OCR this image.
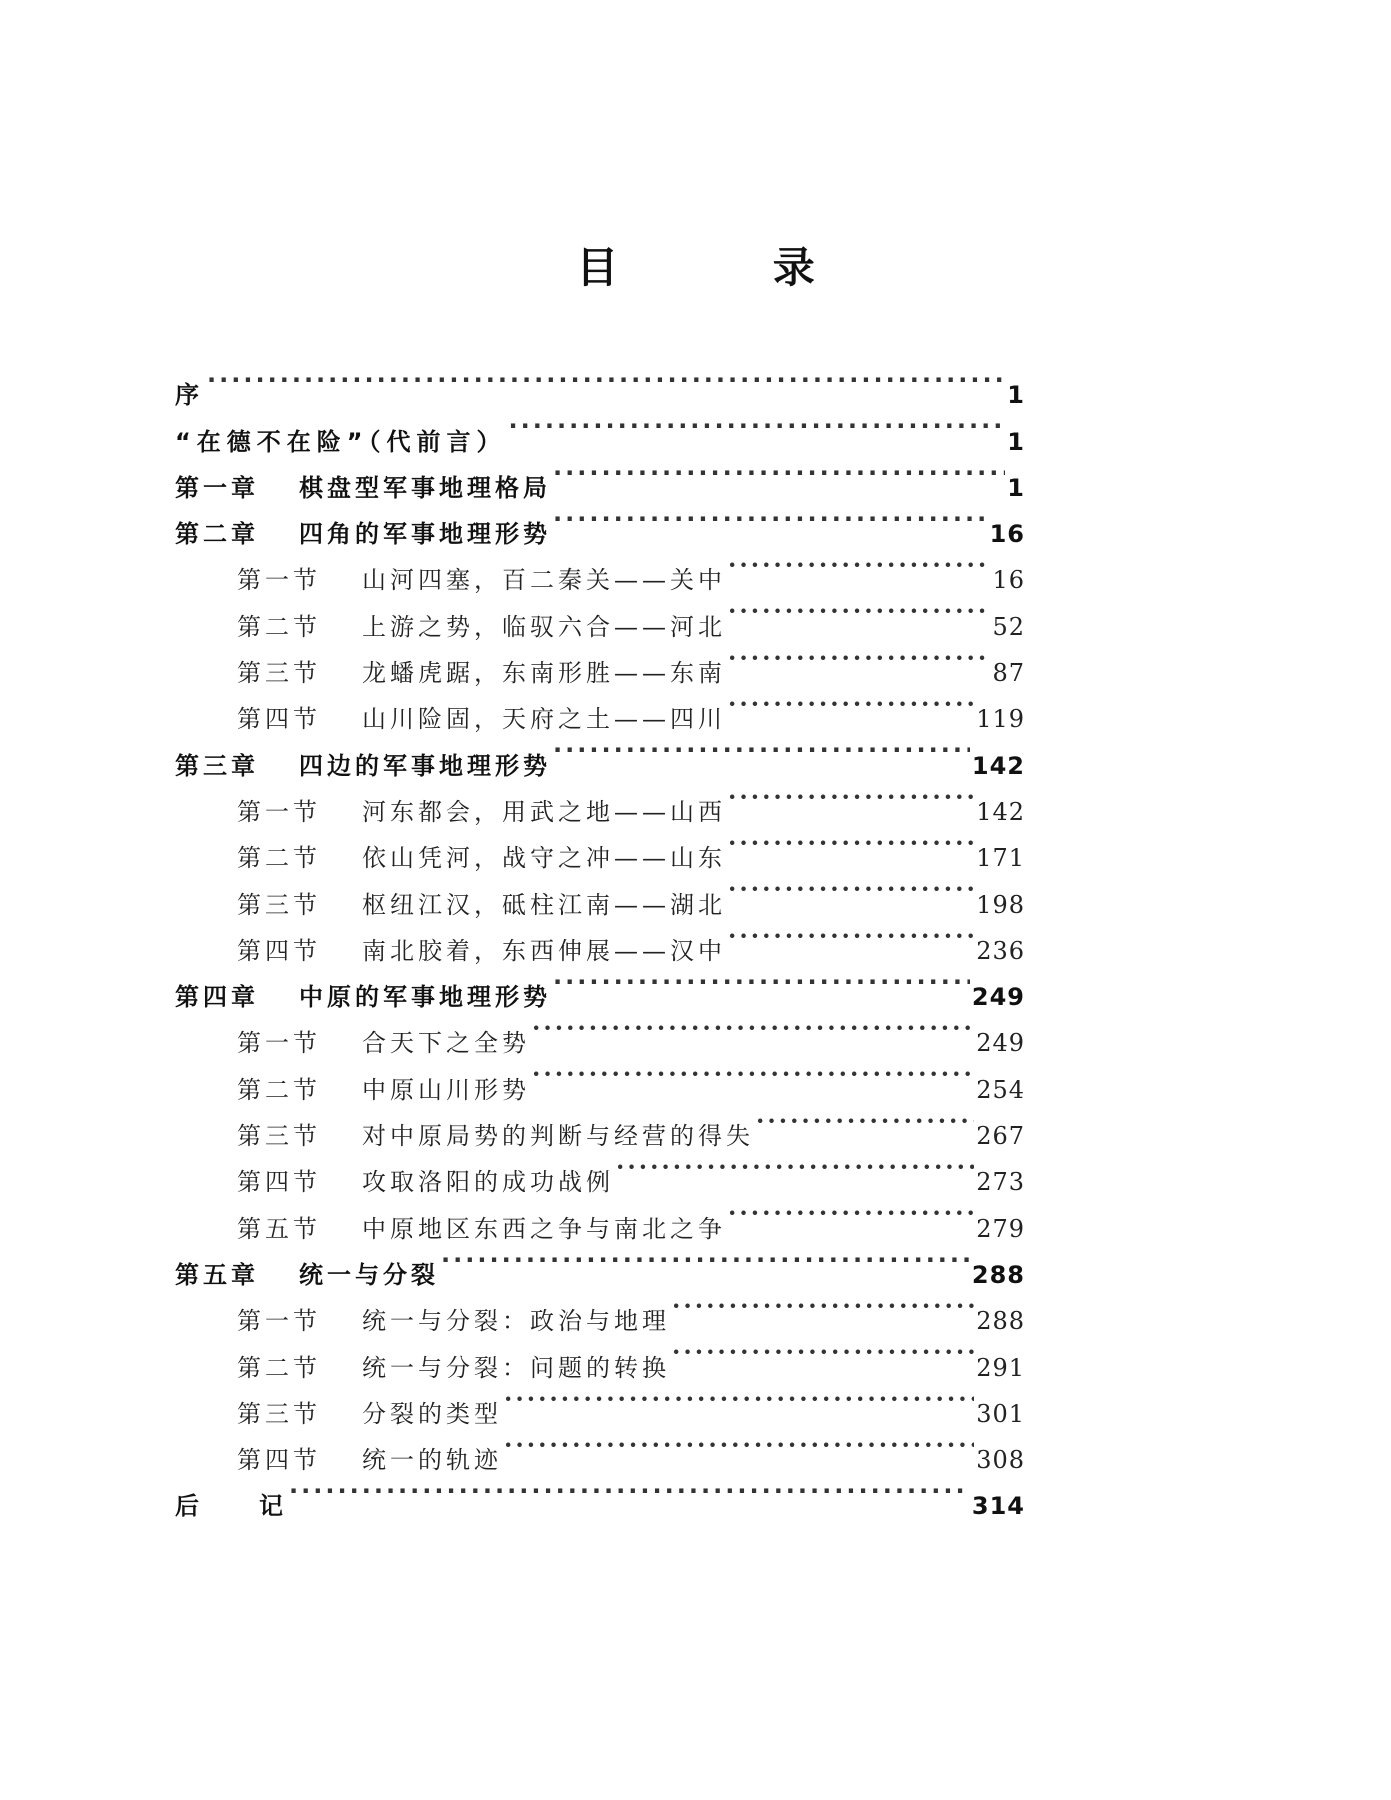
目 录
序 ·····	1
“在德不在险”（代前言） ·····	1
第一章	棋盘型军事地理格局 ·····	1
第二章	四角的军事地理形势 ·····	16
第一节	山河四塞，百二秦关——关中 ·····	16
第二节	上游之势，临驭六合——河北 ·····	52
第三节	龙蟠虎踞，东南形胜——东南 ·····	87
第四节	山川险固，天府之土——四川 ·····	119
第三章	四边的军事地理形势 ·····	142
第一节	河东都会，用武之地——山西 ·····	142
第二节	依山凭河，战守之冲——山东 ·····	171
第三节	枢纽江汉，砥柱江南——湖北 ·····	198
第四节	南北胶着，东西伸展——汉中 ·····	236
第四章	中原的军事地理形势 ·····	249
第一节	合天下之全势 ·····	249
第二节	中原山川形势 ·····	254
第三节	对中原局势的判断与经营的得失 ·····	267
第四节	攻取洛阳的成功战例 ·····	273
第五节	中原地区东西之争与南北之争 ·····	279
第五章	统一与分裂 ·····	288
第一节	统一与分裂：政治与地理 ·····	288
第二节	统一与分裂：问题的转换 ·····	291
第三节	分裂的类型 ·····	301
第四节	统一的轨迹 ·····	308
后　　记 ·····	314
